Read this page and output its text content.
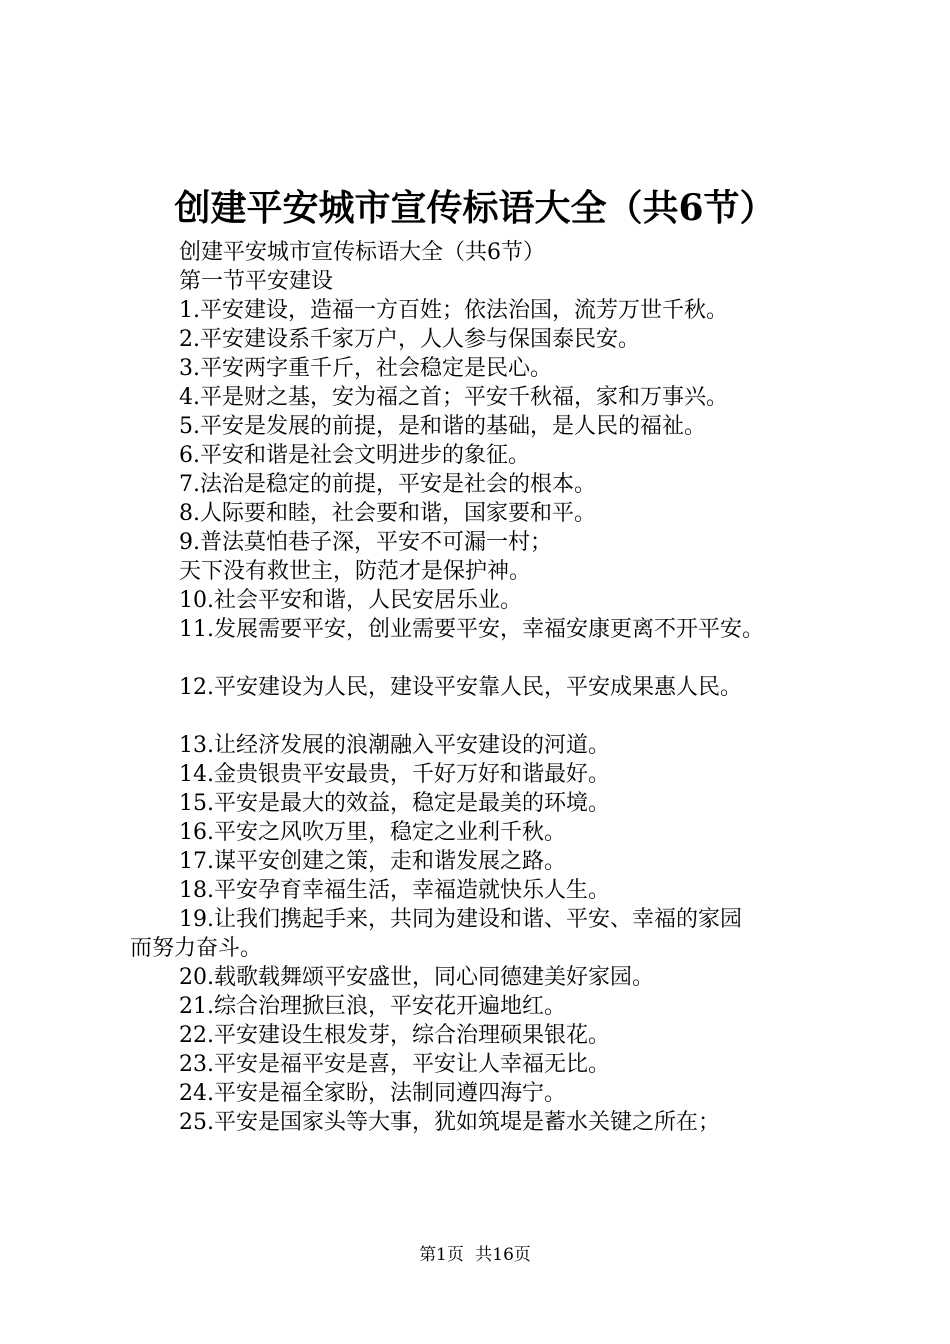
创建平安城市宣传标语大全（共6节）
创建平安城市宣传标语大全（共6节）
第一节平安建设
1.平安建设，造福一方百姓；依法治国，流芳万世千秋。
2.平安建设系千家万户，人人参与保国泰民安。
3.平安两字重千斤，社会稳定是民心。
4.平是财之基，安为福之首；平安千秋福，家和万事兴。
5.平安是发展的前提，是和谐的基础，是人民的福祉。
6.平安和谐是社会文明进步的象征。
7.法治是稳定的前提，平安是社会的根本。
8.人际要和睦，社会要和谐，国家要和平。
9.普法莫怕巷子深，平安不可漏一村；
天下没有救世主，防范才是保护神。
10.社会平安和谐，人民安居乐业。
11.发展需要平安，创业需要平安，幸福安康更离不开平安。
12.平安建设为人民，建设平安靠人民，平安成果惠人民。
13.让经济发展的浪潮融入平安建设的河道。
14.金贵银贵平安最贵，千好万好和谐最好。
15.平安是最大的效益，稳定是最美的环境。
16.平安之风吹万里，稳定之业利千秋。
17.谋平安创建之策，走和谐发展之路。
18.平安孕育幸福生活，幸福造就快乐人生。
19.让我们携起手来，共同为建设和谐、平安、幸福的家园
而努力奋斗。
20.载歌载舞颂平安盛世，同心同德建美好家园。
21.综合治理掀巨浪，平安花开遍地红。
22.平安建设生根发芽，综合治理硕果银花。
23.平安是福平安是喜，平安让人幸福无比。
24.平安是福全家盼，法制同遵四海宁。
25.平安是国家头等大事，犹如筑堤是蓄水关键之所在；
第1页 共16页
